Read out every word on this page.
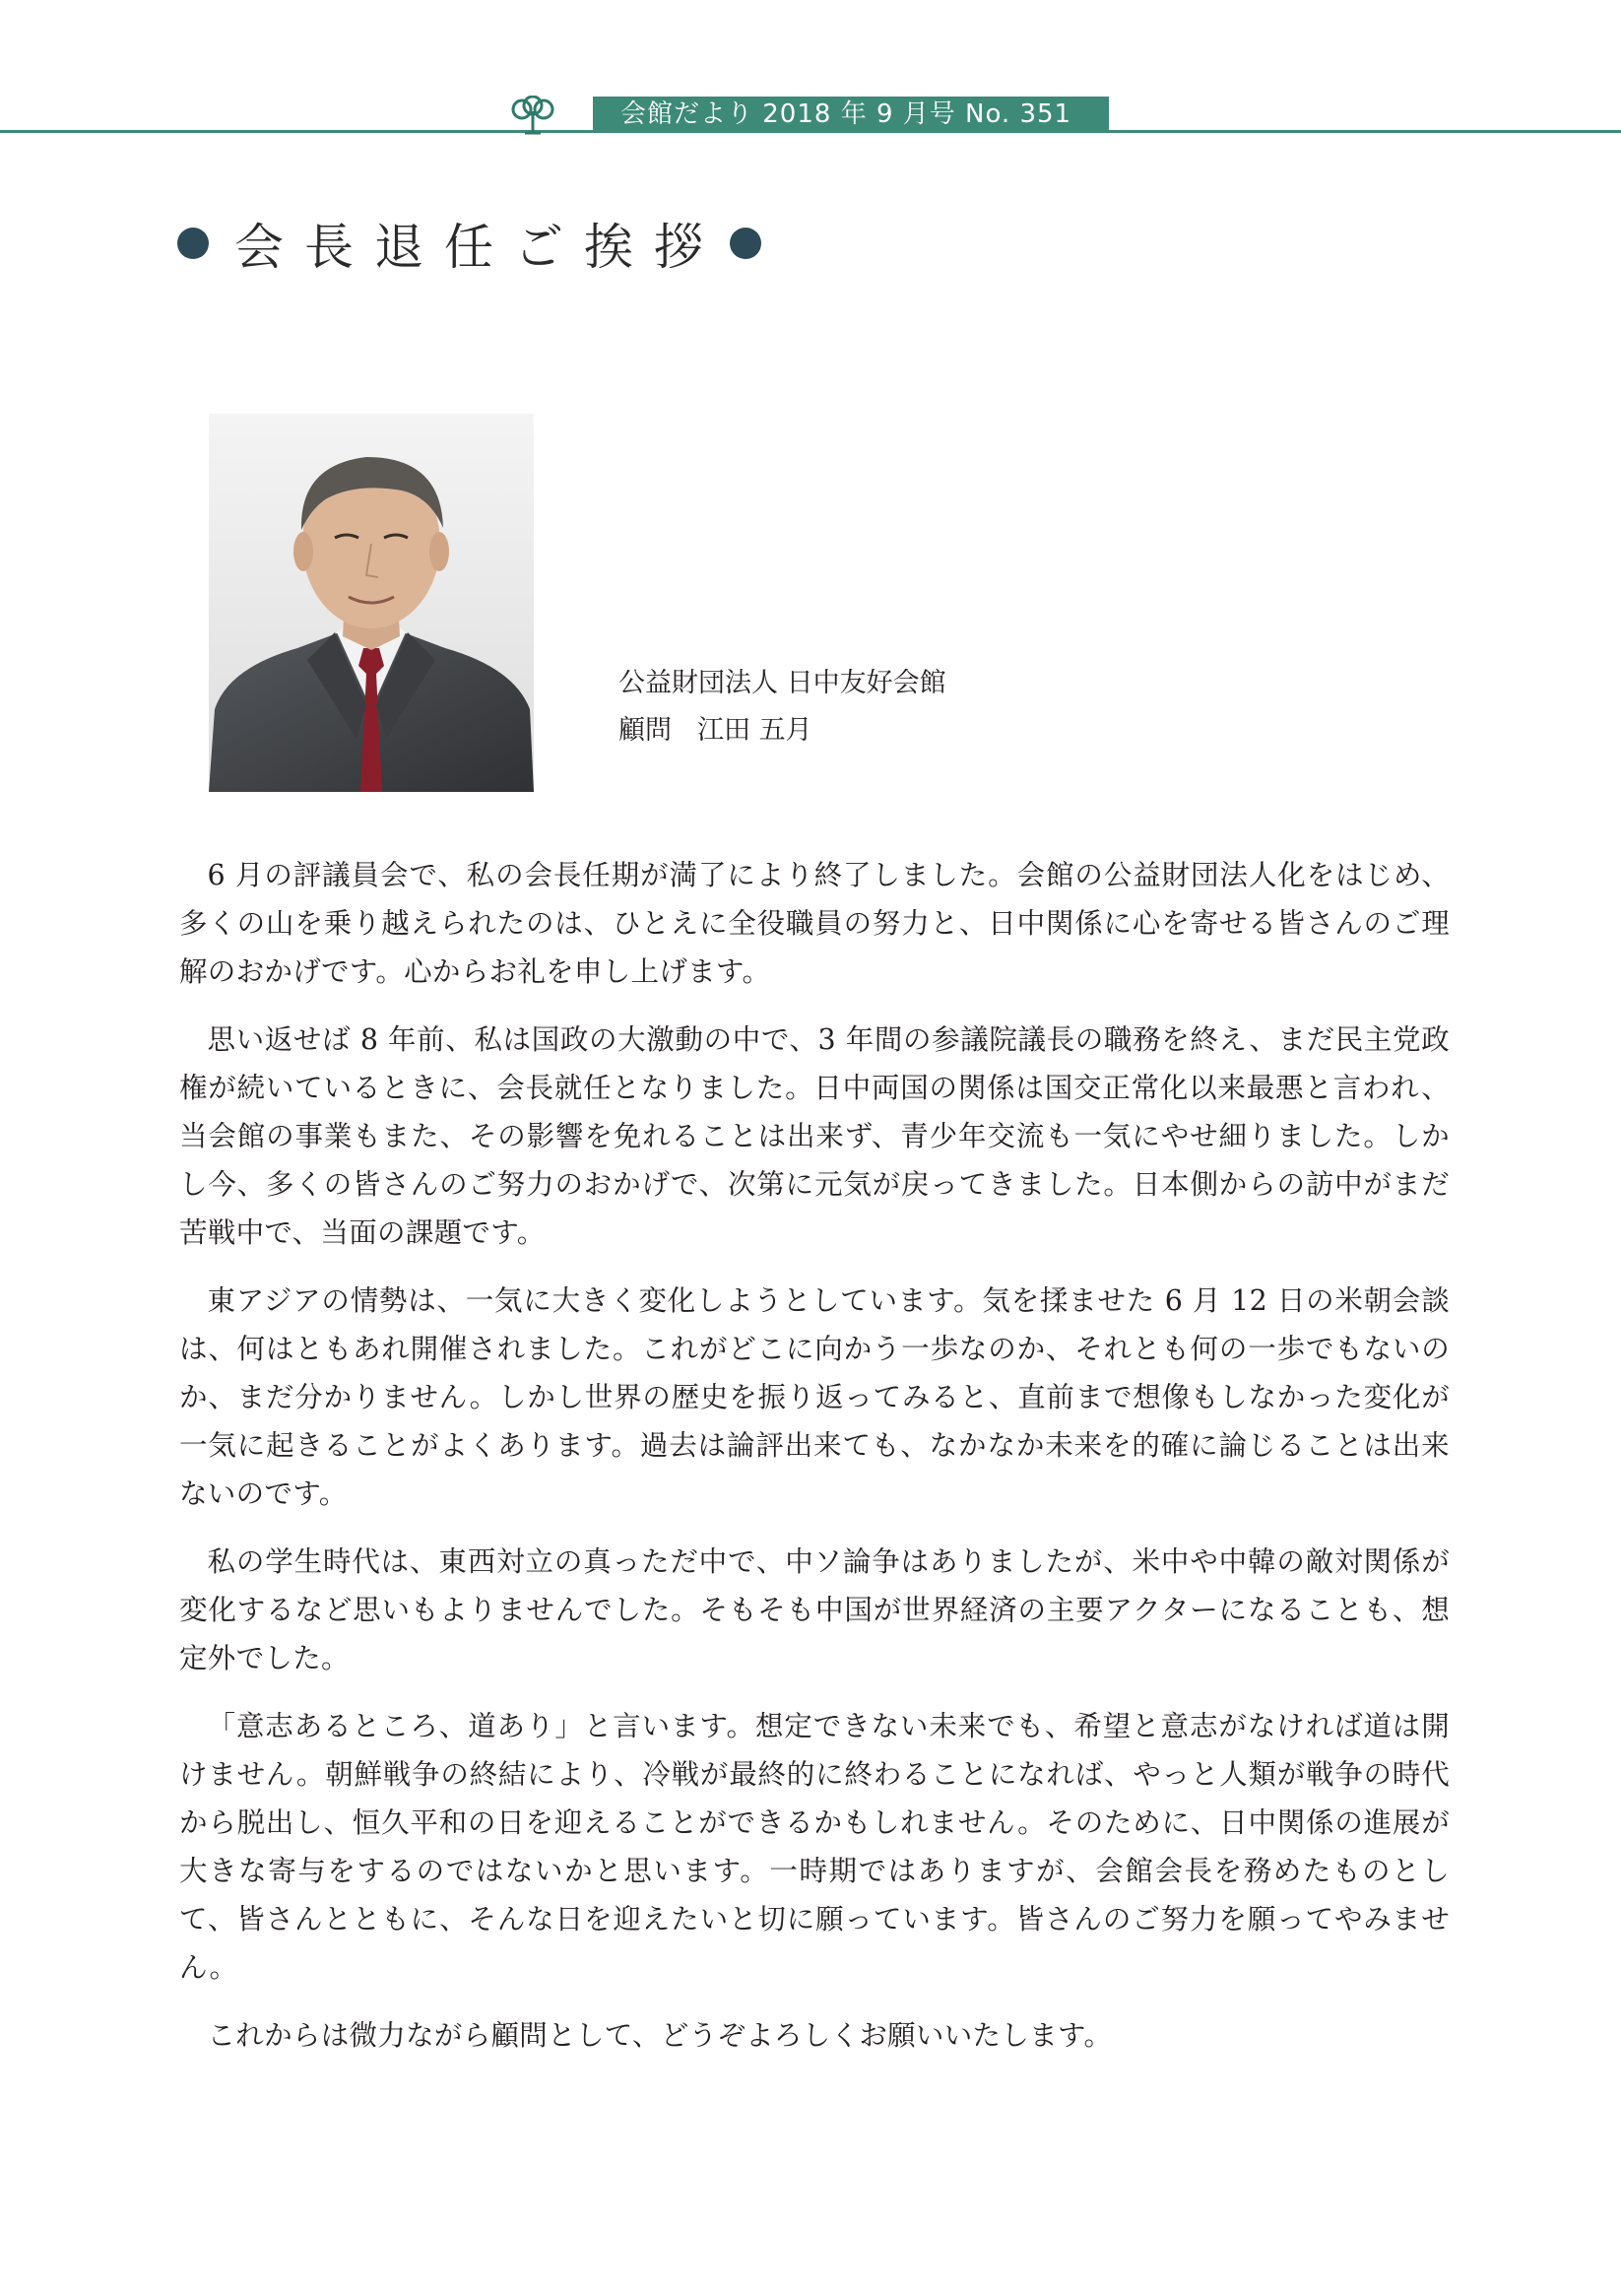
会館だより 2018 年 9 月号 No. 351
会長退任ご挨拶
公益財団法人 日中友好会館
顧問 江田 五月

6 月の評議員会で、私の会長任期が満了により終了しました。会館の公益財団法人化をはじめ、多くの山を乗り越えられたのは、ひとえに全役職員の努力と、日中関係に心を寄せる皆さんのご理解のおかげです。心からお礼を申し上げます。

思い返せば 8 年前、私は国政の大激動の中で、3 年間の参議院議長の職務を終え、まだ民主党政権が続いているときに、会長就任となりました。日中両国の関係は国交正常化以来最悪と言われ、当会館の事業もまた、その影響を免れることは出来ず、青少年交流も一気にやせ細りました。しかし今、多くの皆さんのご努力のおかげで、次第に元気が戻ってきました。日本側からの訪中がまだ苦戦中で、当面の課題です。

東アジアの情勢は、一気に大きく変化しようとしています。気を揉ませた 6 月 12 日の米朝会談は、何はともあれ開催されました。これがどこに向かう一歩なのか、それとも何の一歩でもないのか、まだ分かりません。しかし世界の歴史を振り返ってみると、直前まで想像もしなかった変化が一気に起きることがよくあります。過去は論評出来ても、なかなか未来を的確に論じることは出来ないのです。

私の学生時代は、東西対立の真っただ中で、中ソ論争はありましたが、米中や中韓の敵対関係が変化するなど思いもよりませんでした。そもそも中国が世界経済の主要アクターになることも、想定外でした。

「意志あるところ、道あり」と言います。想定できない未来でも、希望と意志がなければ道は開けません。朝鮮戦争の終結により、冷戦が最終的に終わることになれば、やっと人類が戦争の時代から脱出し、恒久平和の日を迎えることができるかもしれません。そのために、日中関係の進展が大きな寄与をするのではないかと思います。一時期ではありますが、会館会長を務めたものとして、皆さんとともに、そんな日を迎えたいと切に願っています。皆さんのご努力を願ってやみません。

これからは微力ながら顧問として、どうぞよろしくお願いいたします。
